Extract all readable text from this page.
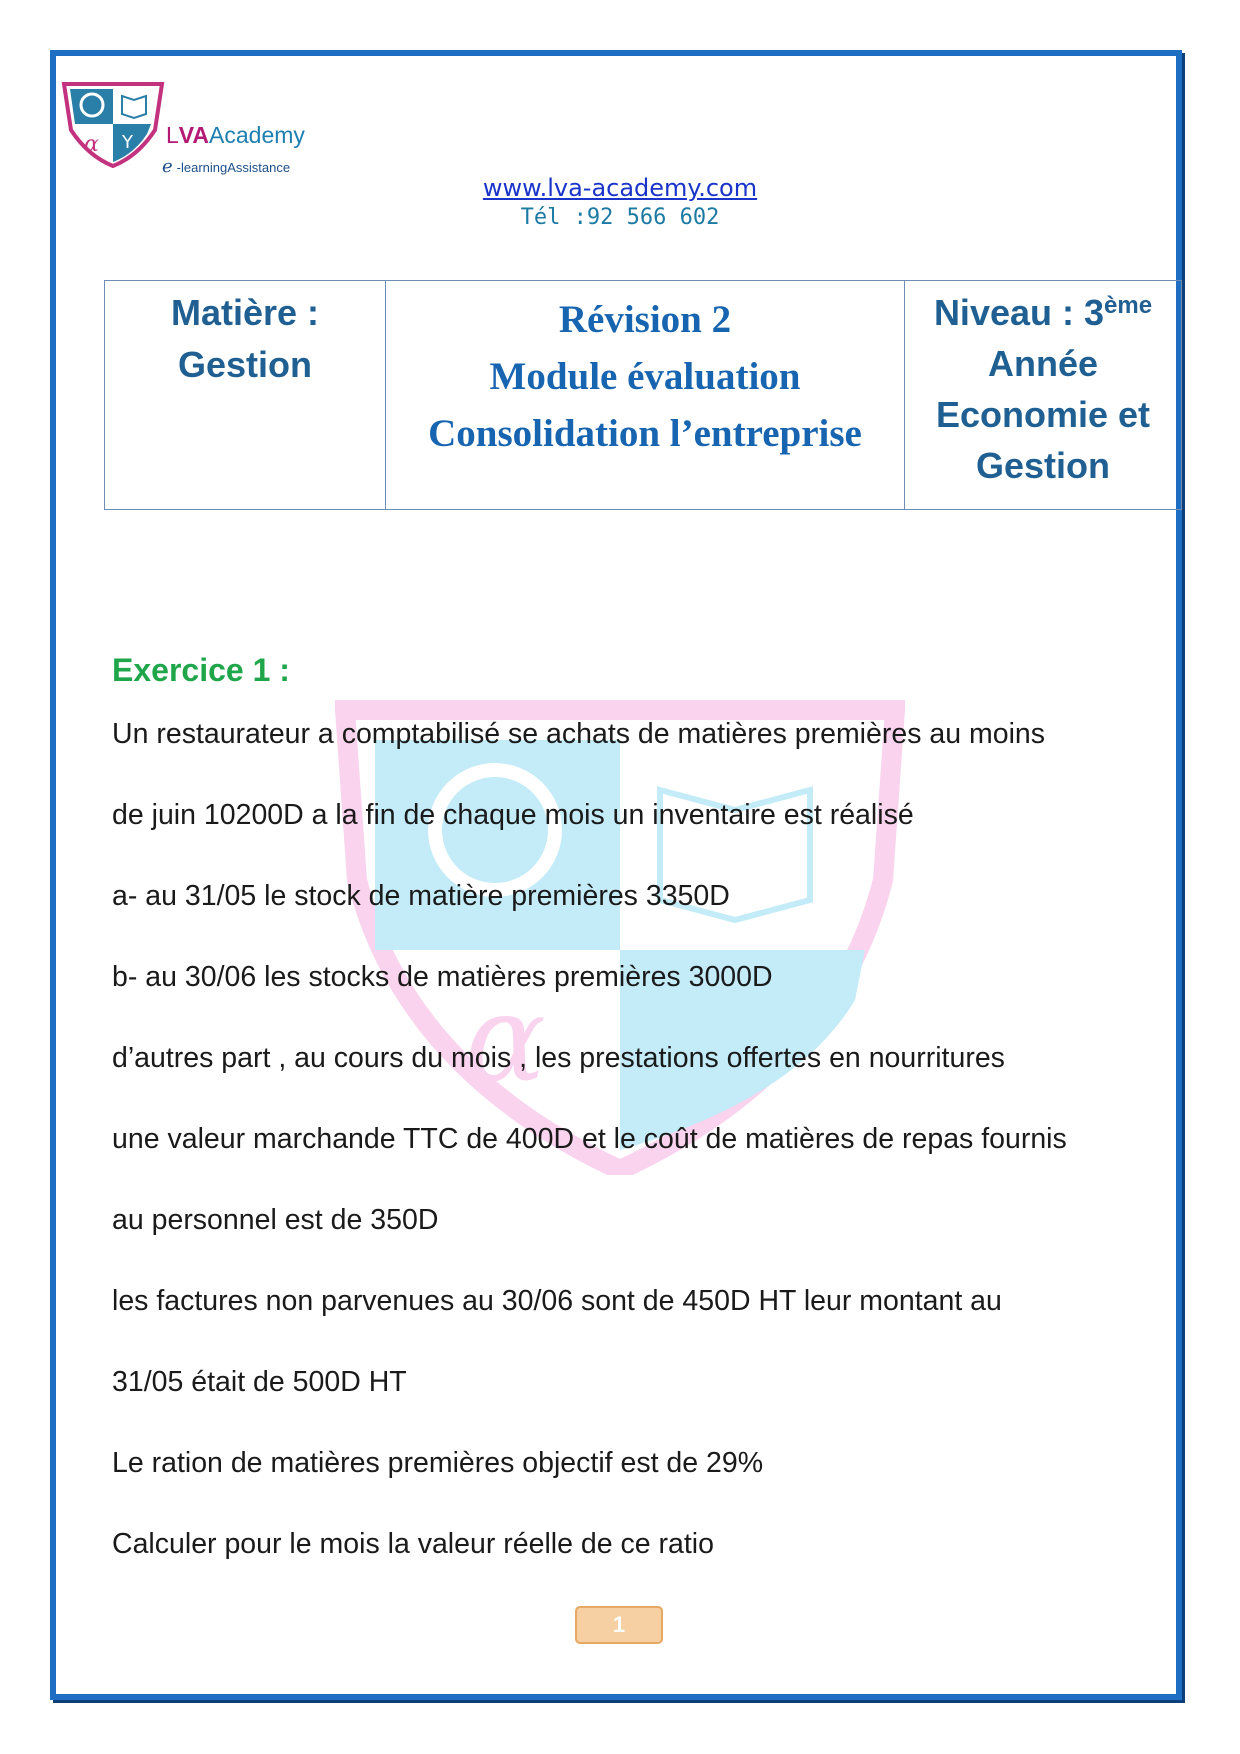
α Y LVAAcademy
e -learningAssistance
www.lva-academy.com
Tél :92 566 602
Matière :
Gestion

Révision 2
Module évaluation
Consolidation l’entreprise

Niveau : 3ème
Année
Economie et
Gestion
α
Exercice 1 :

Un restaurateur a comptabilisé se achats de matières premières au moins

de juin 10200D a la fin de chaque mois un inventaire est réalisé

a- au 31/05 le stock de matière premières 3350D

b- au 30/06 les stocks de matières premières 3000D

d’autres part , au cours du mois , les prestations offertes en nourritures

une valeur marchande TTC de 400D et le coût de matières de repas fournis

au personnel est de 350D

les factures non parvenues au 30/06 sont de 450D HT leur montant au

31/05 était de 500D HT

Le ration de matières premières objectif est de 29%

Calculer pour le mois la valeur réelle de ce ratio

1
